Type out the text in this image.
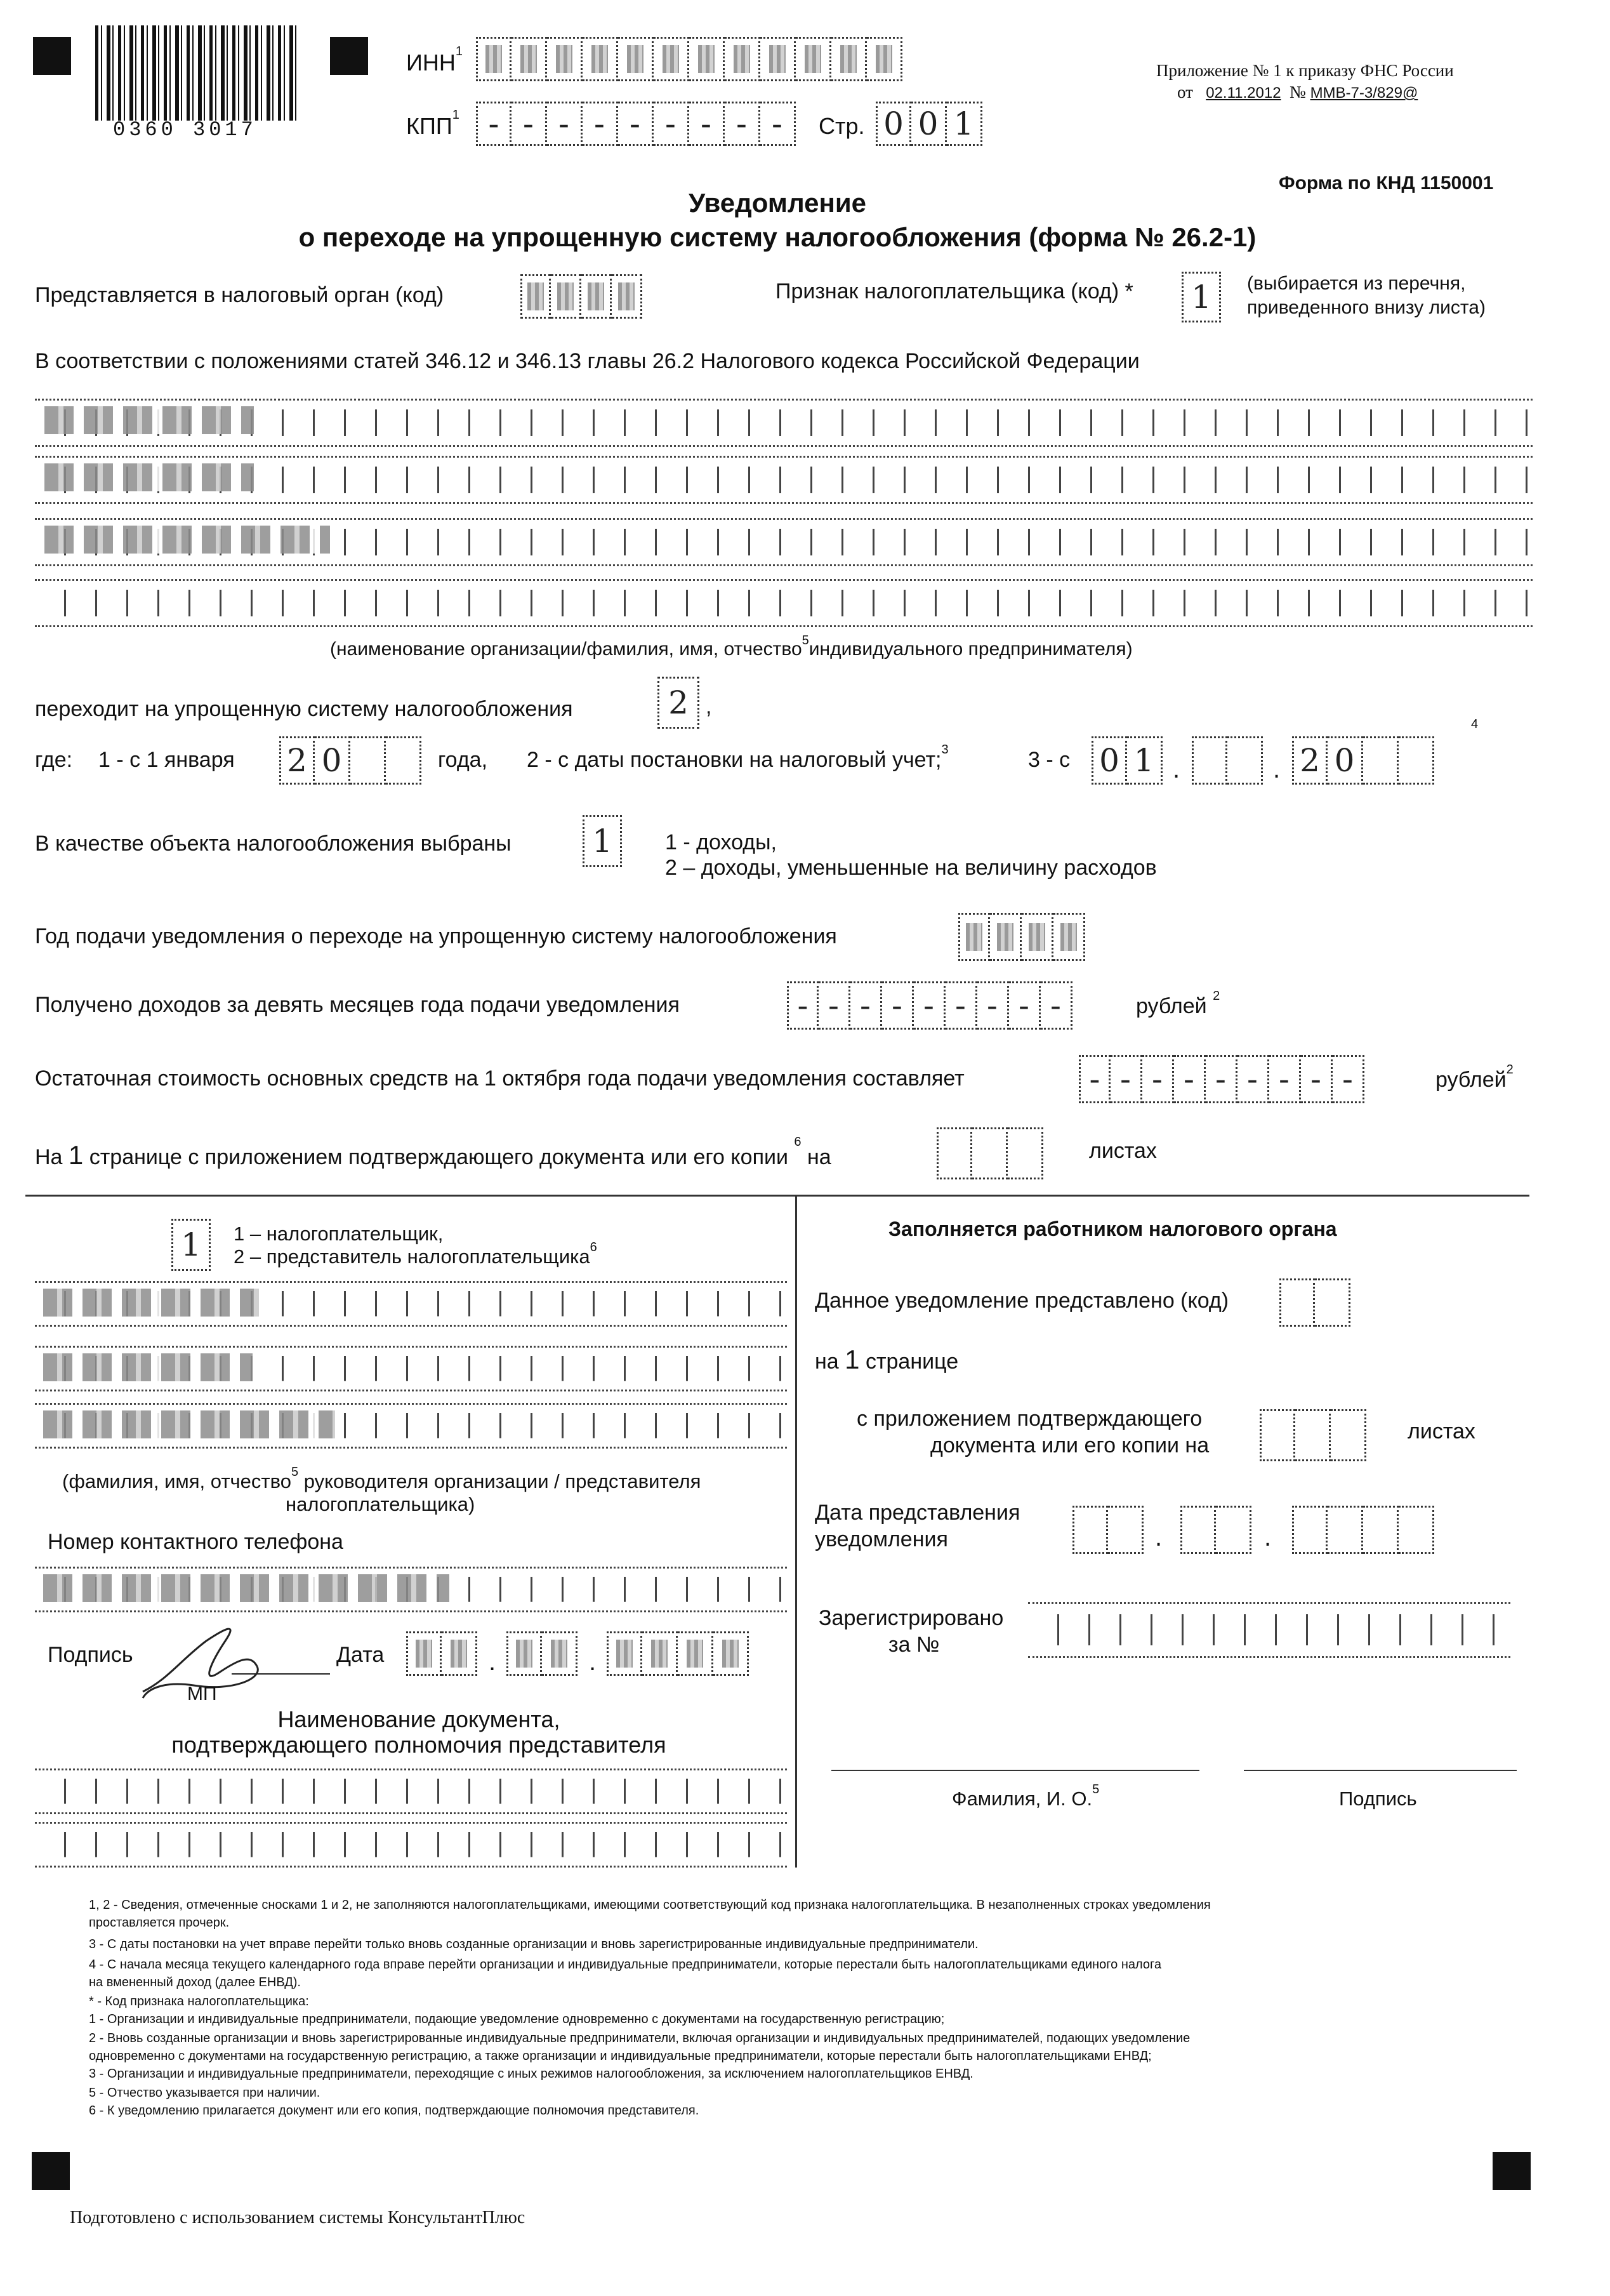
0360 3017
ИНН$^1$
КПП$^1$ - - - - - - - - -	Стр. 0 0 1
Приложение № 1 к приказу ФНС России
от 02.11.2012 № ММВ-7-3/829@
Форма по КНД 1150001
Уведомление
о переходе на упрощенную систему налогообложения (форма № 26.2-1)
Представляется в налоговый орган (код)	Признак налогоплательщика (код) *	1	(выбирается из перечня,
приведенного внизу листа)
В соответствии с положениями статей 346.12 и 346.13 главы 26.2 Налогового кодекса Российской Федерации
(наименование организации/фамилия, имя, отчество$^5$индивидуального предпринимателя)
переходит на упрощенную систему налогообложения	2 ,
где: 1 - с 1 января 2 0	года, 2 - с даты постановки на налоговый учет;$^3$	3 - с 0 1 .	. 2 0
4
В качестве объекта налогообложения выбраны	1	1 - доходы,
2 – доходы, уменьшенные на величину расходов
Год подачи уведомления о переходе на упрощенную систему налогообложения
Получено доходов за девять месяцев года подачи уведомления	- - - - - - - - -	рублей $^2$
Остаточная стоимость основных средств на 1 октября года подачи уведомления составляет	- - - - - - - - -	рублей$^2$
На 1 странице с приложением подтверждающего документа или его копии $^6$ на	листах
1	1 – налогоплательщик,
2 – представитель налогоплательщика$^6$
(фамилия, имя, отчество$^5$ руководителя организации / представителя
налогоплательщика)
Номер контактного телефона
Подпись
МП
Дата	.	.
Наименование документа,
подтверждающего полномочия представителя
Заполняется работником налогового органа
Данное уведомление представлено (код)
на 1 странице
с приложением подтверждающего
документа или его копии на
листах
Дата представления
уведомления	.	.
Зарегистрировано
за №
Фамилия, И. О.$^5$	Подпись
1, 2 - Сведения, отмеченные сносками 1 и 2, не заполняются налогоплательщиками, имеющими соответствующий код признака налогоплательщика. В незаполненных строках уведомления
проставляется прочерк.
3 - С даты постановки на учет вправе перейти только вновь созданные организации и вновь зарегистрированные индивидуальные предприниматели.
4 - С начала месяца текущего календарного года вправе перейти организации и индивидуальные предприниматели, которые перестали быть налогоплательщиками единого налога
на вмененный доход (далее ЕНВД).
* - Код признака налогоплательщика:
1 - Организации и индивидуальные предприниматели, подающие уведомление одновременно с документами на государственную регистрацию;
2 - Вновь созданные организации и вновь зарегистрированные индивидуальные предприниматели, включая организации и индивидуальных предпринимателей, подающих уведомление
одновременно с документами на государственную регистрацию, а также организации и индивидуальные предприниматели, которые перестали быть налогоплательщиками ЕНВД;
3 - Организации и индивидуальные предприниматели, переходящие с иных режимов налогообложения, за исключением налогоплательщиков ЕНВД.
5 - Отчество указывается при наличии.
6 - К уведомлению прилагается документ или его копия, подтверждающие полномочия представителя.
Подготовлено с использованием системы КонсультантПлюс
